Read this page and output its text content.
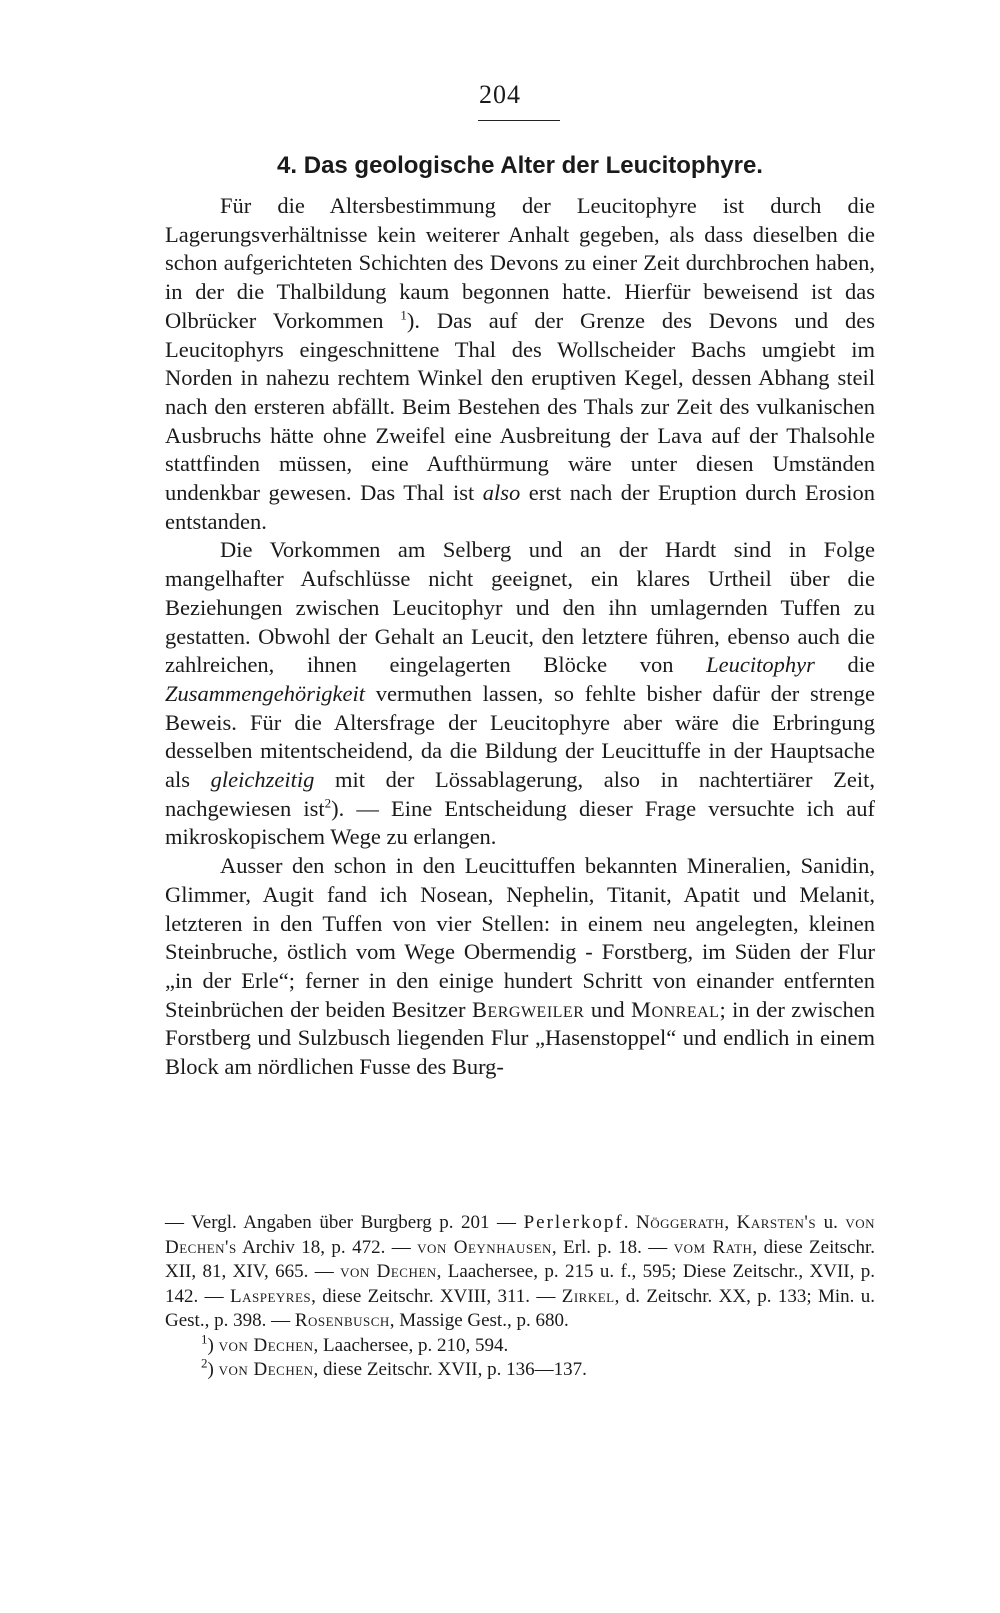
204
4. Das geologische Alter der Leucitophyre.

Für die Altersbestimmung der Leucitophyre ist durch die Lagerungsverhältnisse kein weiterer Anhalt gegeben, als dass dieselben die schon aufgerichteten Schichten des Devons zu einer Zeit durchbrochen haben, in der die Thalbildung kaum begonnen hatte. Hierfür beweisend ist das Olbrücker Vorkommen $^1$). Das auf der Grenze des Devons und des Leucitophyrs eingeschnittene Thal des Wollscheider Bachs umgiebt im Norden in nahezu rechtem Winkel den eruptiven Kegel, dessen Abhang steil nach den ersteren abfällt. Beim Bestehen des Thals zur Zeit des vulkanischen Ausbruchs hätte ohne Zweifel eine Ausbreitung der Lava auf der Thalsohle stattfinden müssen, eine Aufthürmung wäre unter diesen Umständen undenkbar gewesen. Das Thal ist also erst nach der Eruption durch Erosion entstanden.

Die Vorkommen am Selberg und an der Hardt sind in Folge mangelhafter Aufschlüsse nicht geeignet, ein klares Urtheil über die Beziehungen zwischen Leucitophyr und den ihn umlagernden Tuffen zu gestatten. Obwohl der Gehalt an Leucit, den letztere führen, ebenso auch die zahlreichen, ihnen eingelagerten Blöcke von Leucitophyr die Zusammengehörigkeit vermuthen lassen, so fehlte bisher dafür der strenge Beweis. Für die Altersfrage der Leucitophyre aber wäre die Erbringung desselben mitentscheidend, da die Bildung der Leucittuffe in der Hauptsache als gleichzeitig mit der Lössablagerung, also in nachtertiärer Zeit, nachgewiesen ist$^2$). — Eine Entscheidung dieser Frage versuchte ich auf mikroskopischem Wege zu erlangen.

Ausser den schon in den Leucittuffen bekannten Mineralien, Sanidin, Glimmer, Augit fand ich Nosean, Nephelin, Titanit, Apatit und Melanit, letzteren in den Tuffen von vier Stellen: in einem neu angelegten, kleinen Steinbruche, östlich vom Wege Obermendig - Forstberg, im Süden der Flur „in der Erle“; ferner in den einige hundert Schritt von einander entfernten Steinbrüchen der beiden Besitzer Bergweiler und Monreal; in der zwischen Forstberg und Sulzbusch liegenden Flur „Hasenstoppel“ und endlich in einem Block am nördlichen Fusse des Burg-

— Vergl. Angaben über Burgberg p. 201 — Perlerkopf. Nöggerath, Karsten's u. von Dechen's Archiv 18, p. 472. — von Oeynhausen, Erl. p. 18. — vom Rath, diese Zeitschr. XII, 81, XIV, 665. — von Dechen, Laachersee, p. 215 u. f., 595; Diese Zeitschr., XVII, p. 142. — Laspeyres, diese Zeitschr. XVIII, 311. — Zirkel, d. Zeitschr. XX, p. 133; Min. u. Gest., p. 398. — Rosenbusch, Massige Gest., p. 680.

$^1$) von Dechen, Laachersee, p. 210, 594.

$^2$) von Dechen, diese Zeitschr. XVII, p. 136—137.
